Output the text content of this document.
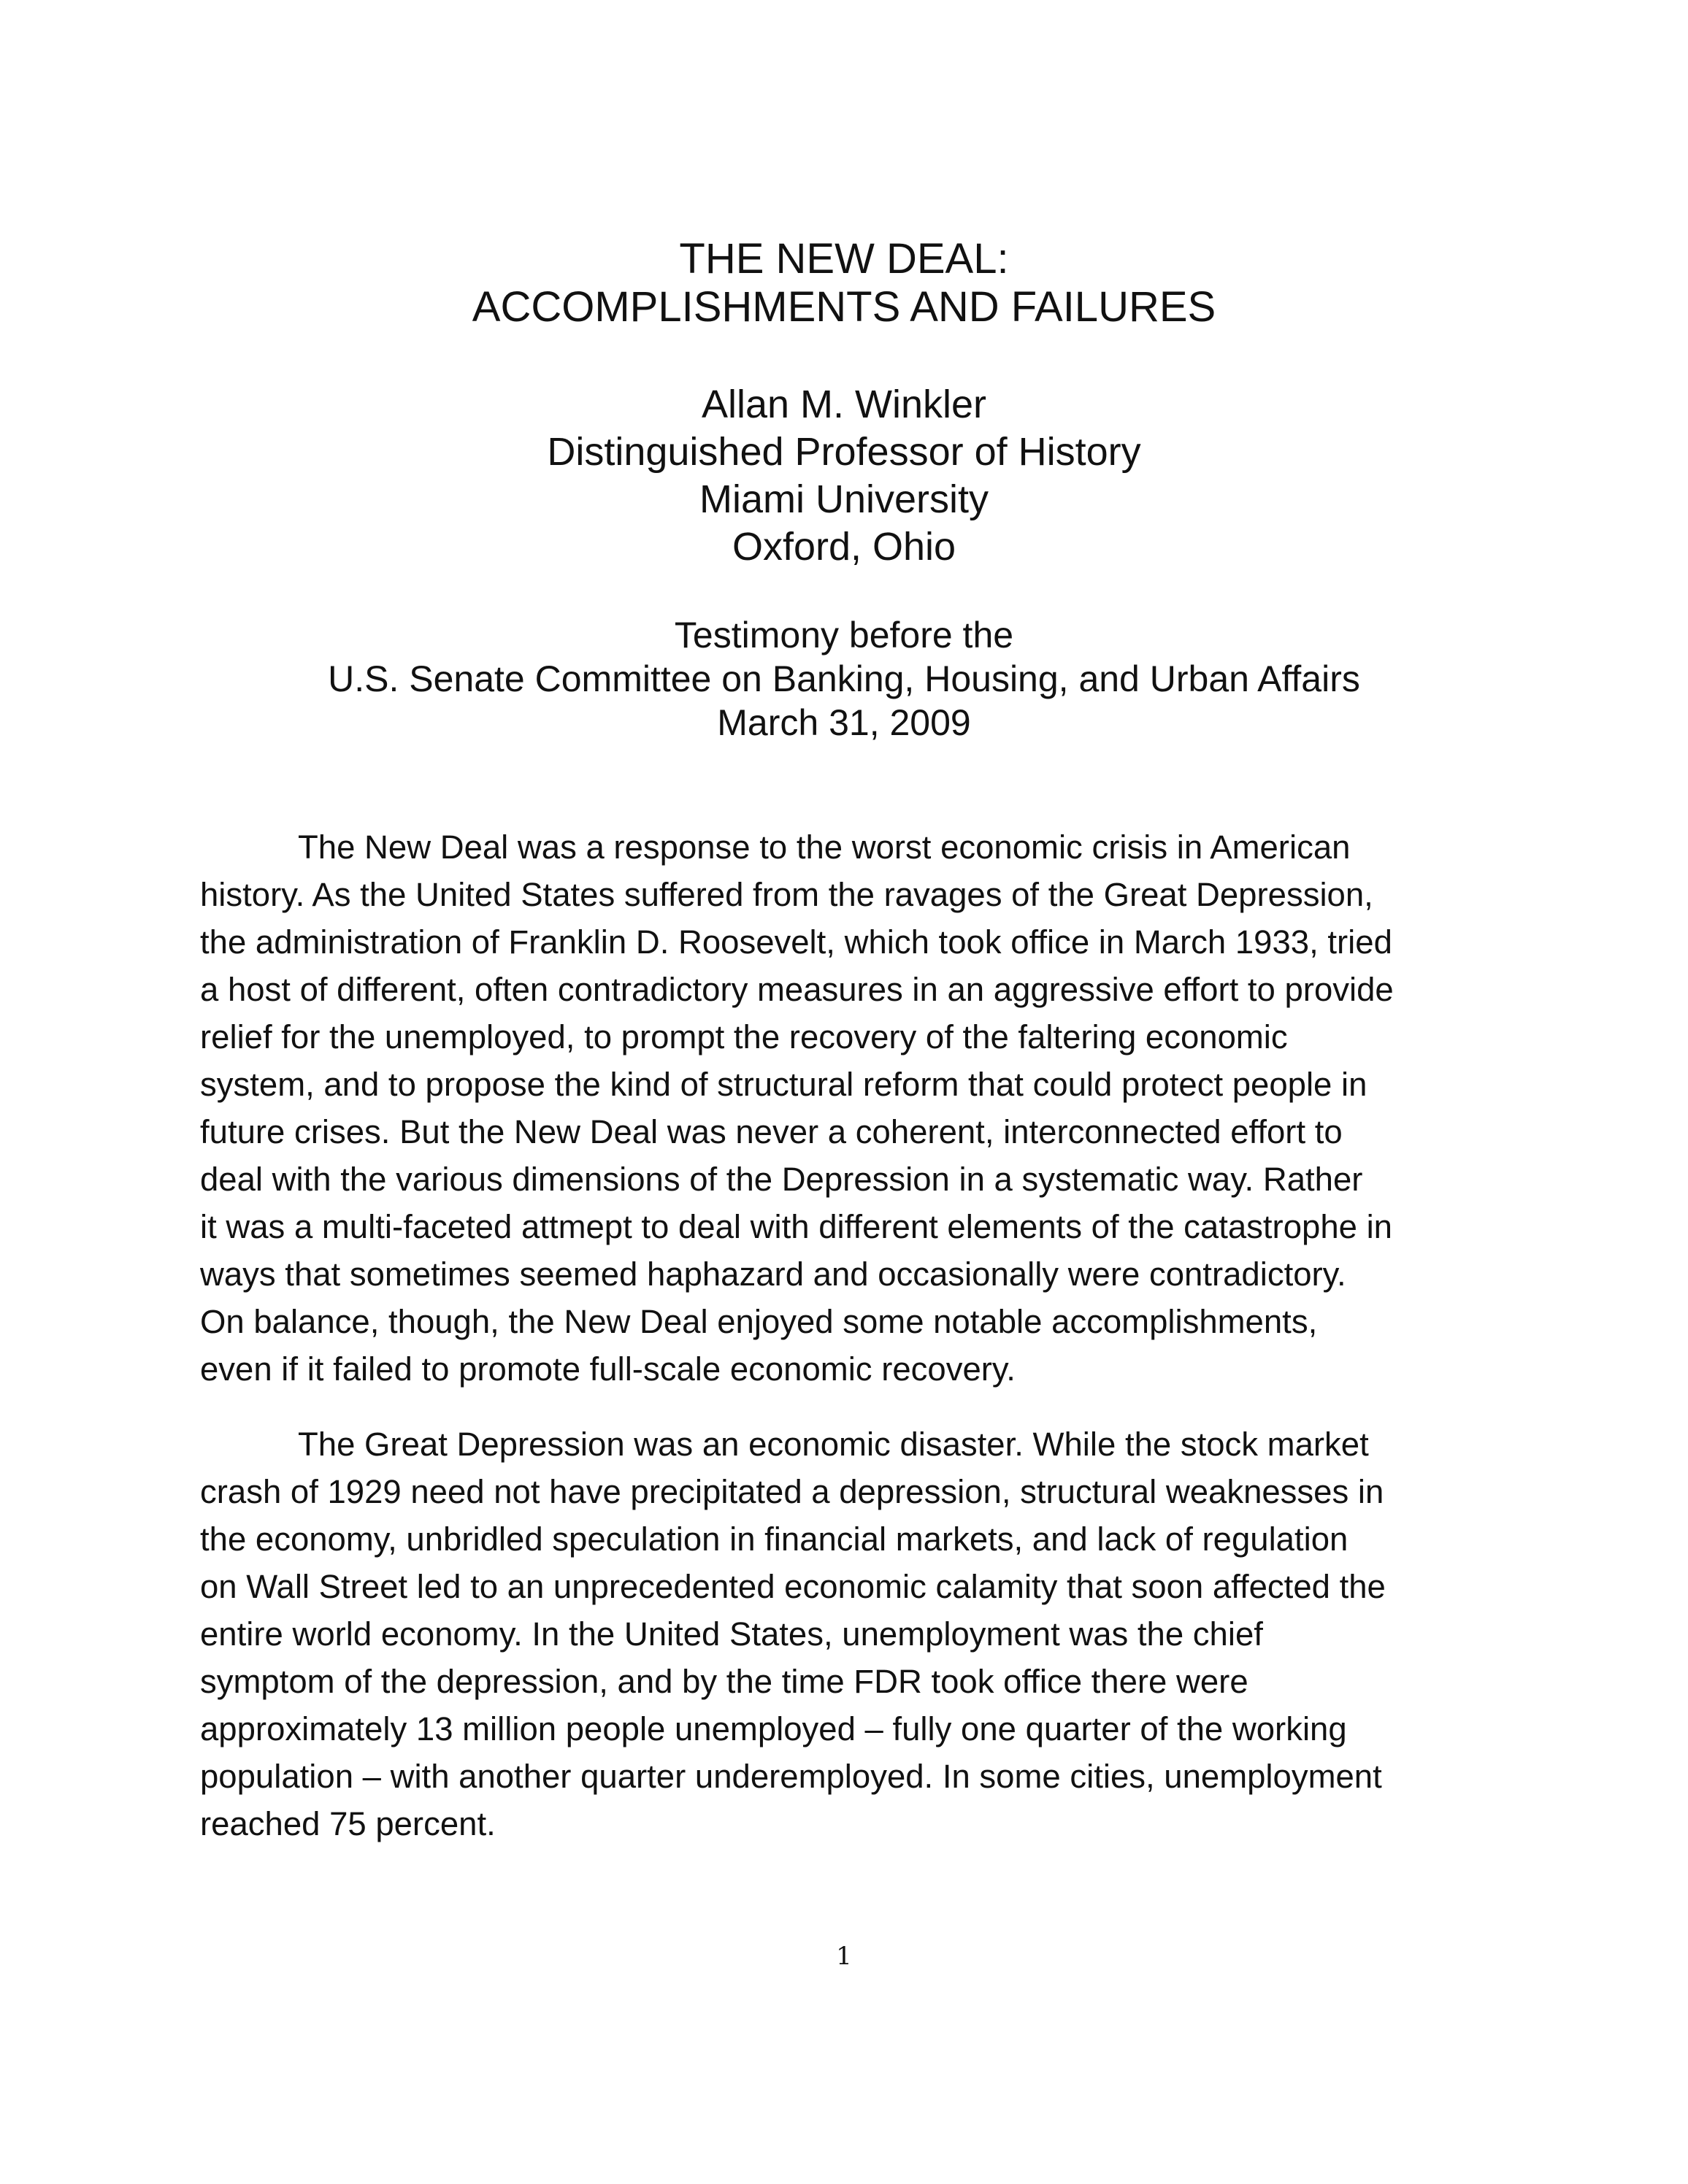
THE NEW DEAL:
ACCOMPLISHMENTS AND FAILURES
Allan M. Winkler
Distinguished Professor of History
Miami University
Oxford, Ohio
Testimony before the
U.S. Senate Committee on Banking, Housing, and Urban Affairs
March 31, 2009
The New Deal was a response to the worst economic crisis in American
history. As the United States suffered from the ravages of the Great Depression,
the administration of Franklin D. Roosevelt, which took office in March 1933, tried
a host of different, often contradictory measures in an aggressive effort to provide
relief for the unemployed, to prompt the recovery of the faltering economic
system, and to propose the kind of structural reform that could protect people in
future crises. But the New Deal was never a coherent, interconnected effort to
deal with the various dimensions of the Depression in a systematic way. Rather
it was a multi-faceted attmept to deal with different elements of the catastrophe in
ways that sometimes seemed haphazard and occasionally were contradictory.
On balance, though, the New Deal enjoyed some notable accomplishments,
even if it failed to promote full-scale economic recovery.
The Great Depression was an economic disaster. While the stock market
crash of 1929 need not have precipitated a depression, structural weaknesses in
the economy, unbridled speculation in financial markets, and lack of regulation
on Wall Street led to an unprecedented economic calamity that soon affected the
entire world economy. In the United States, unemployment was the chief
symptom of the depression, and by the time FDR took office there were
approximately 13 million people unemployed – fully one quarter of the working
population – with another quarter underemployed. In some cities, unemployment
reached 75 percent.
1
